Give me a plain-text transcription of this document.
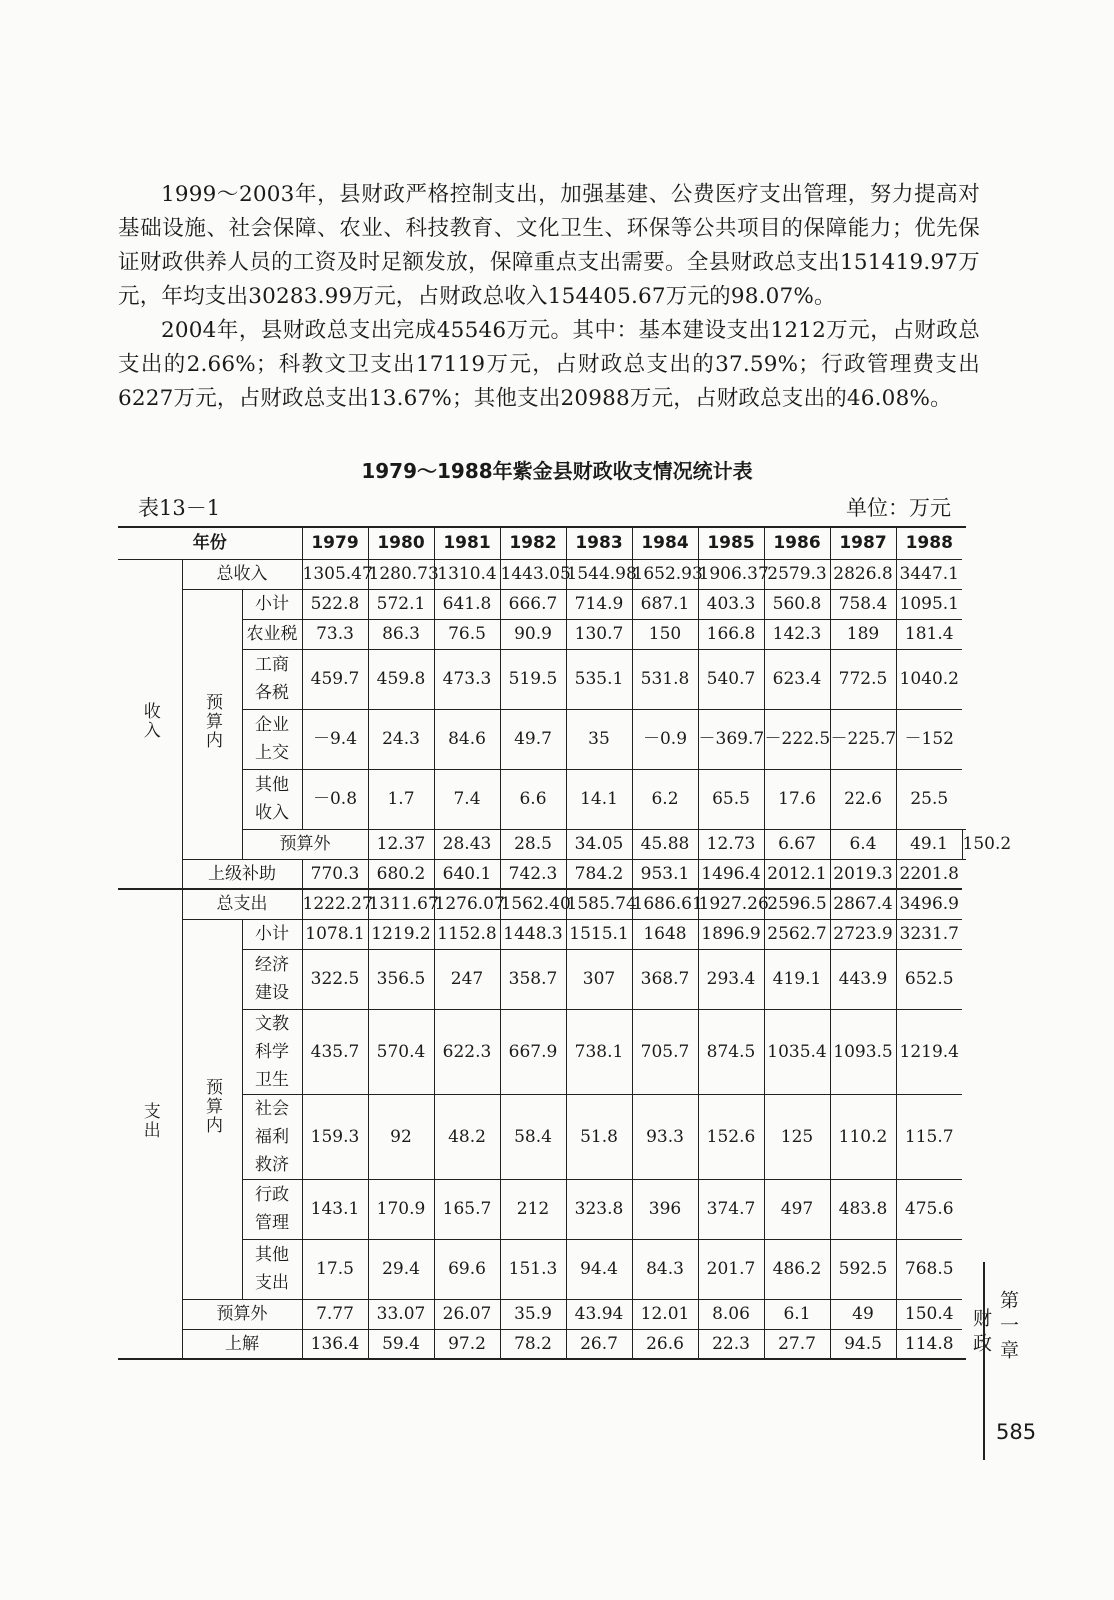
1999～2003年，县财政严格控制支出，加强基建、公费医疗支出管理，努力提高对基础设施、社会保障、农业、科技教育、文化卫生、环保等公共项目的保障能力；优先保证财政供养人员的工资及时足额发放，保障重点支出需要。全县财政总支出151419.97万元，年均支出30283.99万元，占财政总收入154405.67万元的98.07%。

2004年，县财政总支出完成45546万元。其中：基本建设支出1212万元，占财政总支出的2.66%；科教文卫支出17119万元，占财政总支出的37.59%；行政管理费支出6227万元，占财政总支出13.67%；其他支出20988万元，占财政总支出的46.08%。

1979～1988年紫金县财政收支情况统计表
表13－1	单位：万元
年份			1979	1980	1981	1982	1983	1984	1985	1986	1987	1988	
收入	总收入		1305.47	1280.73	1310.4	1443.05	1544.98	1652.93	1906.37	2579.3	2826.8	3447.1	
	预算内	小计	522.8	572.1	641.8	666.7	714.9	687.1	403.3	560.8	758.4	1095.1	
		农业税	73.3	86.3	76.5	90.9	130.7	150	166.8	142.3	189	181.4	
		工商各税	459.7	459.8	473.3	519.5	535.1	531.8	540.7	623.4	772.5	1040.2	
		企业上交	－9.4	24.3	84.6	49.7	35	－0.9	－369.7	－222.5	－225.7	－152	
		其他收入	－0.8	1.7	7.4	6.6	14.1	6.2	65.5	17.6	22.6	25.5	
		预算外		12.37	28.43	28.5	34.05	45.88	12.73	6.67	6.4	49.1	150.2
	上级补助		770.3	680.2	640.1	742.3	784.2	953.1	1496.4	2012.1	2019.3	2201.8	
支出	总支出		1222.27	1311.67	1276.07	1562.40	1585.74	1686.61	1927.26	2596.5	2867.4	3496.9	
	预算内	小计	1078.1	1219.2	1152.8	1448.3	1515.1	1648	1896.9	2562.7	2723.9	3231.7	
		经济建设	322.5	356.5	247	358.7	307	368.7	293.4	419.1	443.9	652.5	
		文教科学卫生	435.7	570.4	622.3	667.9	738.1	705.7	874.5	1035.4	1093.5	1219.4	
		社会福利救济	159.3	92	48.2	58.4	51.8	93.3	152.6	125	110.2	115.7	
		行政管理	143.1	170.9	165.7	212	323.8	396	374.7	497	483.8	475.6	
		其他支出	17.5	29.4	69.6	151.3	94.4	84.3	201.7	486.2	592.5	768.5	
	预算外		7.77	33.07	26.07	35.9	43.94	12.01	8.06	6.1	49	150.4	
	上解		136.4	59.4	97.2	78.2	26.7	26.6	22.3	27.7	94.5	114.8	第一章
财政
585
